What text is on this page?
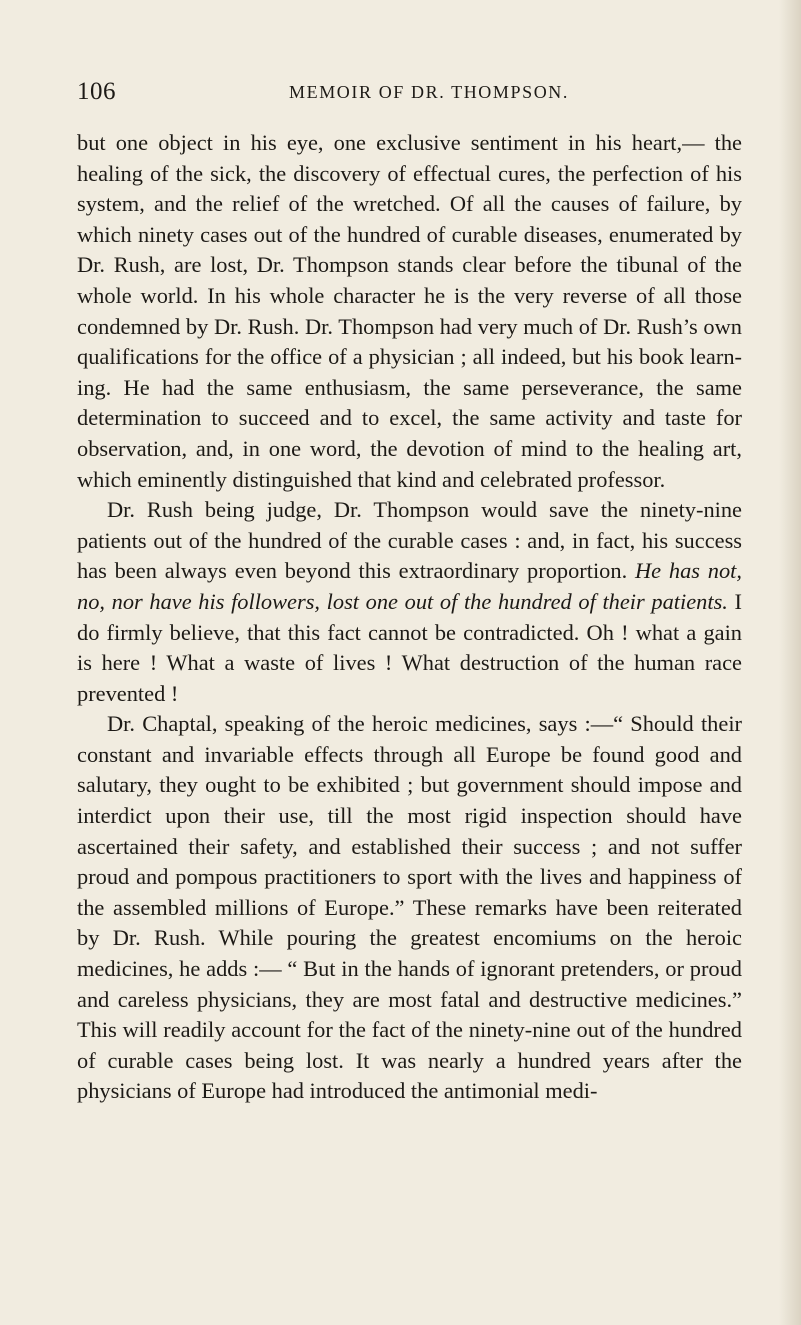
106	MEMOIR OF DR. THOMPSON.

but one object in his eye, one exclusive sentiment in his heart,— the healing of the sick, the discovery of effectual cures, the perfection of his system, and the relief of the wretched. Of all the causes of failure, by which ninety cases out of the hundred of curable diseases, enumerated by Dr. Rush, are lost, Dr. Thompson stands clear before the tibunal of the whole world. In his whole character he is the very reverse of all those condemned by Dr. Rush. Dr. Thompson had very much of Dr. Rush’s own qualifications for the office of a physician ; all indeed, but his book learning. He had the same enthusiasm, the same perseverance, the same determination to succeed and to excel, the same activity and taste for observation, and, in one word, the devotion of mind to the healing art, which eminently distinguished that kind and celebrated professor.

Dr. Rush being judge, Dr. Thompson would save the ninety-nine patients out of the hundred of the curable cases : and, in fact, his success has been always even beyond this extraordinary proportion. He has not, no, nor have his followers, lost one out of the hundred of their patients. I do firmly believe, that this fact cannot be contradicted. Oh ! what a gain is here ! What a waste of lives ! What destruction of the human race prevented !

Dr. Chaptal, speaking of the heroic medicines, says :—“ Should their constant and invariable effects through all Europe be found good and salutary, they ought to be exhibited ; but government should impose and interdict upon their use, till the most rigid inspection should have ascertained their safety, and established their success ; and not suffer proud and pompous practitioners to sport with the lives and happiness of the assembled millions of Europe.” These remarks have been reiterated by Dr. Rush. While pouring the greatest encomiums on the heroic medicines, he adds :— “ But in the hands of ignorant pretenders, or proud and careless physicians, they are most fatal and destructive medicines.” This will readily account for the fact of the ninety-nine out of the hundred of curable cases being lost. It was nearly a hundred years after the physicians of Europe had introduced the antimonial medi-
